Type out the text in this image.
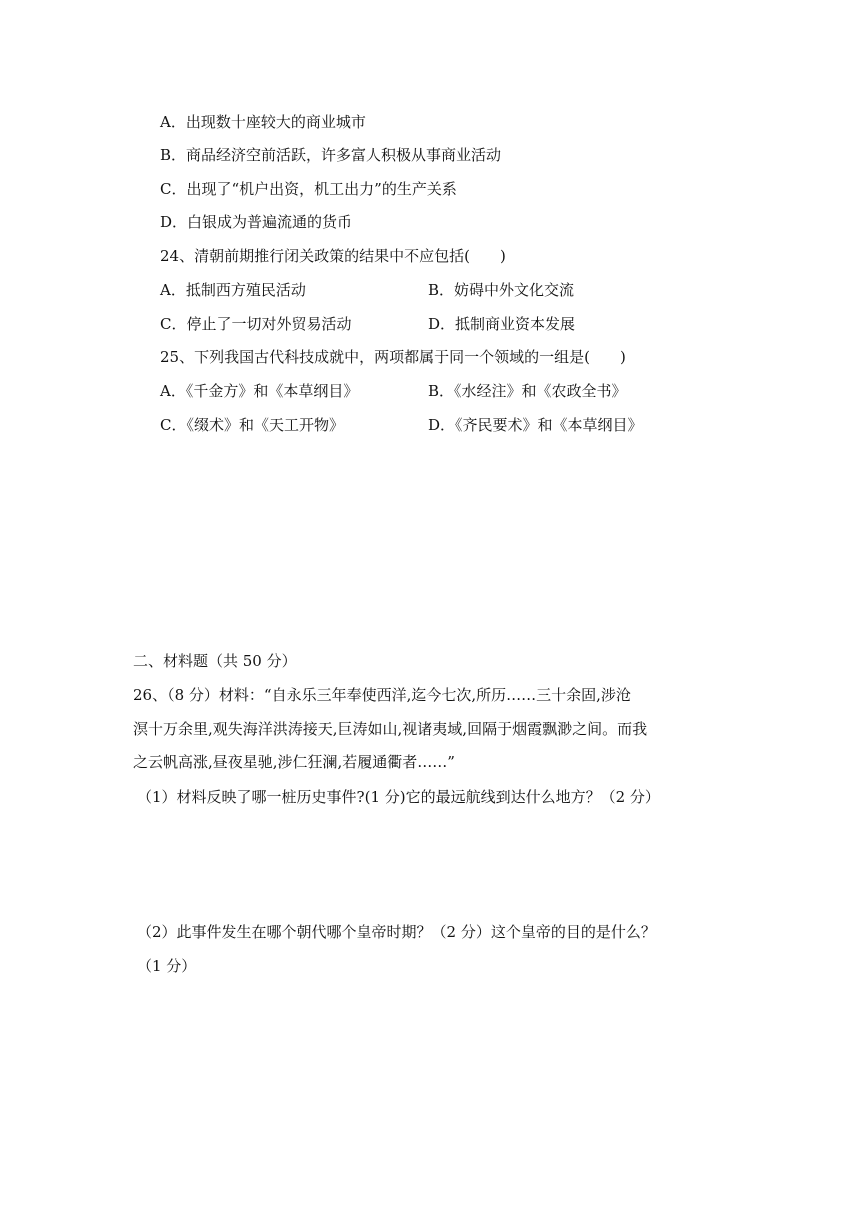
A．出现数十座较大的商业城市
B．商品经济空前活跃，许多富人积极从事商业活动
C．出现了“机户出资，机工出力”的生产关系
D．白银成为普遍流通的货币
24、清朝前期推行闭关政策的结果中不应包括(　　)
A．抵制西方殖民活动	B．妨碍中外文化交流
C．停止了一切对外贸易活动	D．抵制商业资本发展
25、下列我国古代科技成就中，两项都属于同一个领域的一组是(　　)
A．《千金方》和《本草纲目》	B．《水经注》和《农政全书》
C．《缀术》和《天工开物》	D．《齐民要术》和《本草纲目》
二、材料题（共 50 分）
26、（8 分）材料：“自永乐三年奉使西洋,迄今七次,所历……三十余固,涉沧
溟十万余里,观失海洋洪涛接天,巨涛如山,视诸夷域,回隔于烟霞飘渺之间。而我
之云帆高涨,昼夜星驰,涉仁狂澜,若履通衢者……”
（1）材料反映了哪一桩历史事件?(1 分)它的最远航线到达什么地方？（2 分）
（2）此事件发生在哪个朝代哪个皇帝时期？（2 分）这个皇帝的目的是什么？
（1 分）
